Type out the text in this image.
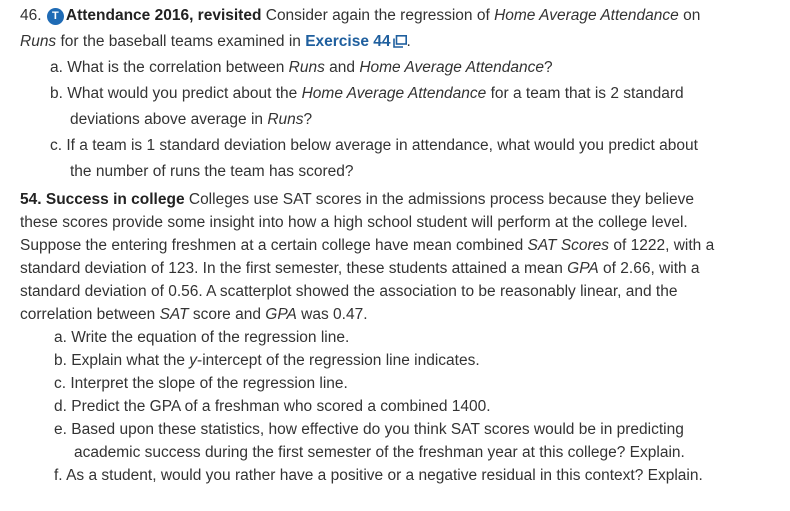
46. T Attendance 2016, revisited Consider again the regression of Home Average Attendance on
Runs for the baseball teams examined in Exercise 44 .
a. What is the correlation between Runs and Home Average Attendance?
b. What would you predict about the Home Average Attendance for a team that is 2 standard
deviations above average in Runs?
c. If a team is 1 standard deviation below average in attendance, what would you predict about
the number of runs the team has scored?
54. Success in college Colleges use SAT scores in the admissions process because they believe
these scores provide some insight into how a high school student will perform at the college level.
Suppose the entering freshmen at a certain college have mean combined SAT Scores of 1222, with a
standard deviation of 123. In the first semester, these students attained a mean GPA of 2.66, with a
standard deviation of 0.56. A scatterplot showed the association to be reasonably linear, and the
correlation between SAT score and GPA was 0.47.
a. Write the equation of the regression line.
b. Explain what the y-intercept of the regression line indicates.
c. Interpret the slope of the regression line.
d. Predict the GPA of a freshman who scored a combined 1400.
e. Based upon these statistics, how effective do you think SAT scores would be in predicting
academic success during the first semester of the freshman year at this college? Explain.
f. As a student, would you rather have a positive or a negative residual in this context? Explain.
